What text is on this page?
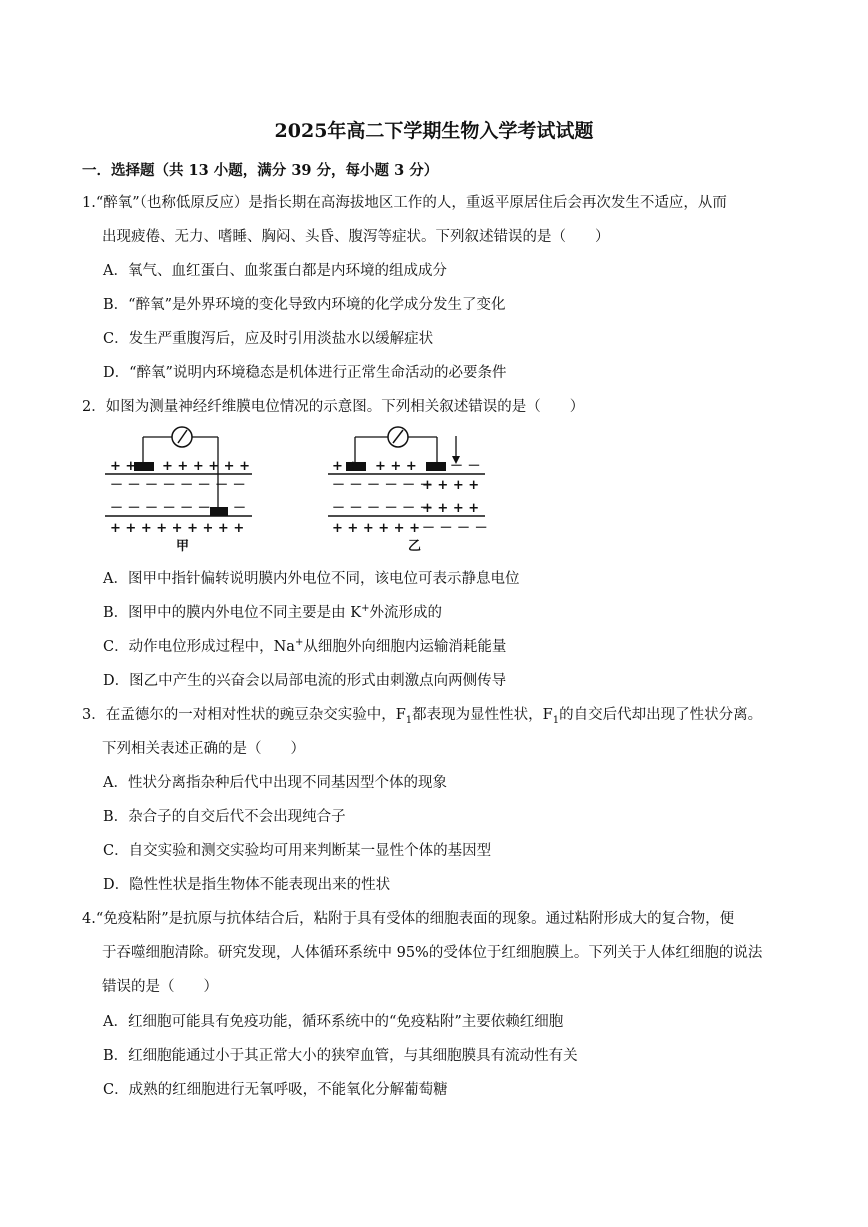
2025年高二下学期生物入学考试试题
一．选择题（共 13 小题，满分 39 分，每小题 3 分）
1.“醉氧”（也称低原反应）是指长期在高海拔地区工作的人，重返平原居住后会再次发生不适应，从而
出现疲倦、无力、嗜睡、胸闷、头昏、腹泻等症状。下列叙述错误的是（　　）
A．氧气、血红蛋白、血浆蛋白都是内环境的组成成分
B．“醉氧”是外界环境的变化导致内环境的化学成分发生了变化
C．发生严重腹泻后，应及时引用淡盐水以缓解症状
D．“醉氧”说明内环境稳态是机体进行正常生命活动的必要条件
2．如图为测量神经纤维膜电位情况的示意图。下列相关叙述错误的是（　　）
+ + + + + + + +
－ － － － － － － －
－ － － － － － －
+ + + + + + + + +
甲
+ + + + +	－ －
－ － － － － －
+ + + +
－ － － － － －
+ + + +
+ + + + + + － － － －
乙
A．图甲中指针偏转说明膜内外电位不同，该电位可表示静息电位
B．图甲中的膜内外电位不同主要是由 K+外流形成的
C．动作电位形成过程中，Na+从细胞外向细胞内运输消耗能量
D．图乙中产生的兴奋会以局部电流的形式由刺激点向两侧传导
3．在孟德尔的一对相对性状的豌豆杂交实验中，$F_1$都表现为显性性状，$F_1$的自交后代却出现了性状分离。
下列相关表述正确的是（　　）
A．性状分离指杂种后代中出现不同基因型个体的现象
B．杂合子的自交后代不会出现纯合子
C．自交实验和测交实验均可用来判断某一显性个体的基因型
D．隐性性状是指生物体不能表现出来的性状
4.“免疫粘附”是抗原与抗体结合后，粘附于具有受体的细胞表面的现象。通过粘附形成大的复合物，便
于吞噬细胞清除。研究发现，人体循环系统中 95%的受体位于红细胞膜上。下列关于人体红细胞的说法
错误的是（　　）
A．红细胞可能具有免疫功能，循环系统中的“免疫粘附”主要依赖红细胞
B．红细胞能通过小于其正常大小的狭窄血管，与其细胞膜具有流动性有关
C．成熟的红细胞进行无氧呼吸，不能氧化分解葡萄糖
